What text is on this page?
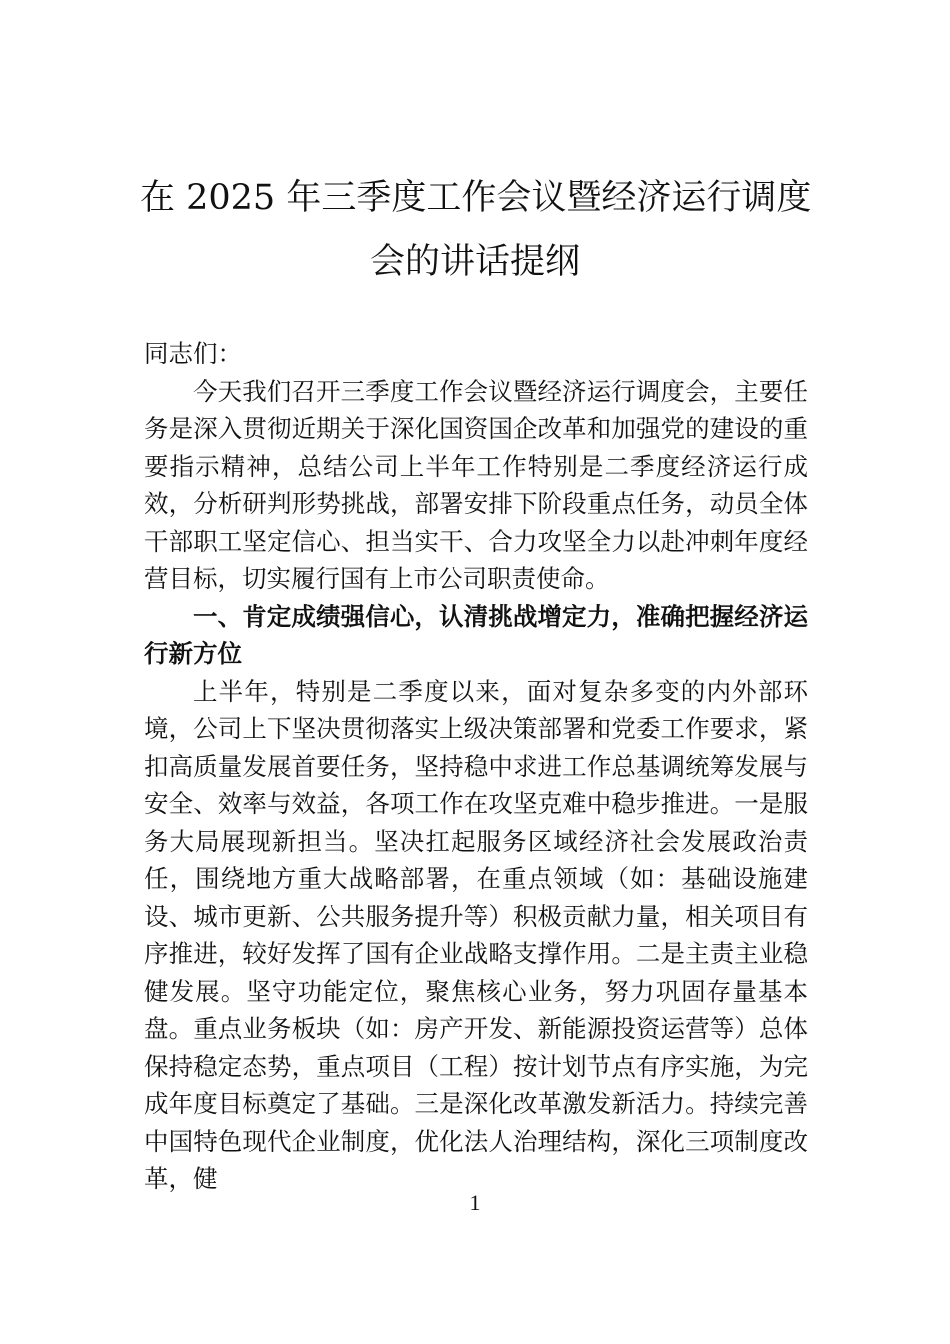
在 2025 年三季度工作会议暨经济运行调度
会的讲话提纲

同志们：

今天我们召开三季度工作会议暨经济运行调度会，主要任务是深入贯彻近期关于深化国资国企改革和加强党的建设的重要指示精神，总结公司上半年工作特别是二季度经济运行成效，分析研判形势挑战，部署安排下阶段重点任务，动员全体干部职工坚定信心、担当实干、合力攻坚全力以赴冲刺年度经营目标，切实履行国有上市公司职责使命。

一、肯定成绩强信心，认清挑战增定力，准确把握经济运行新方位

上半年，特别是二季度以来，面对复杂多变的内外部环境，公司上下坚决贯彻落实上级决策部署和党委工作要求，紧扣高质量发展首要任务，坚持稳中求进工作总基调统筹发展与安全、效率与效益，各项工作在攻坚克难中稳步推进。一是服务大局展现新担当。坚决扛起服务区域经济社会发展政治责任，围绕地方重大战略部署，在重点领域（如：基础设施建设、城市更新、公共服务提升等）积极贡献力量，相关项目有序推进，较好发挥了国有企业战略支撑作用。二是主责主业稳健发展。坚守功能定位，聚焦核心业务，努力巩固存量基本盘。重点业务板块（如：房产开发、新能源投资运营等）总体保持稳定态势，重点项目（工程）按计划节点有序实施，为完成年度目标奠定了基础。三是深化改革激发新活力。持续完善中国特色现代企业制度，优化法人治理结构，深化三项制度改革，健

1
